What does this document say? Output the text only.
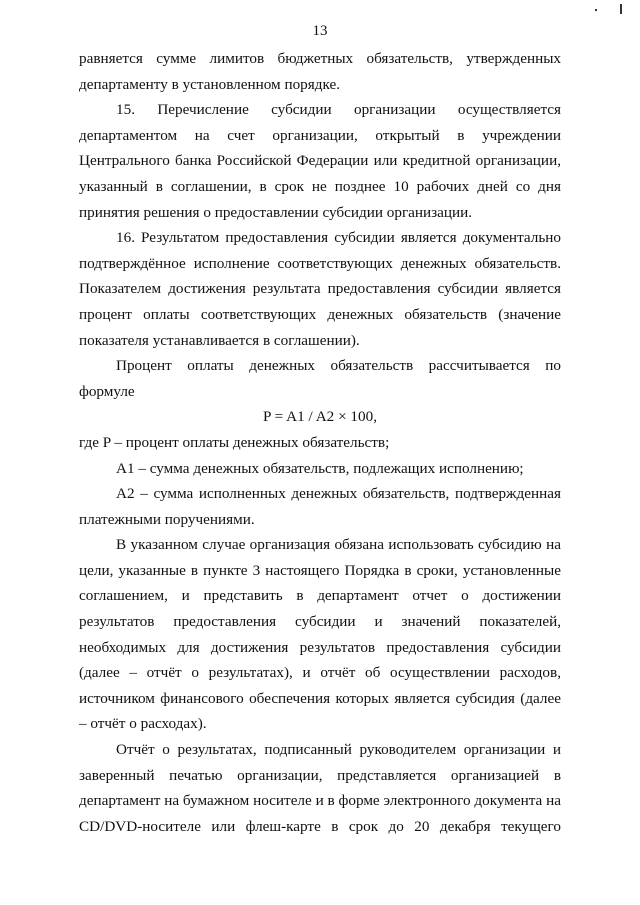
13

равняется сумме лимитов бюджетных обязательств, утвержденных департаменту в установленном порядке.

15. Перечисление субсидии организации осуществляется департаментом на счет организации, открытый в учреждении Центрального банка Российской Федерации или кредитной организации, указанный в соглашении, в срок не позднее 10 рабочих дней со дня принятия решения о предоставлении субсидии организации.

16. Результатом предоставления субсидии является документально подтверждённое исполнение соответствующих денежных обязательств. Показателем достижения результата предоставления субсидии является процент оплаты соответствующих денежных обязательств (значение показателя устанавливается в соглашении).

Процент оплаты денежных обязательств рассчитывается по формуле

P = A1 / A2 × 100,

где P – процент оплаты денежных обязательств;

A1 – сумма денежных обязательств, подлежащих исполнению;

A2 – сумма исполненных денежных обязательств, подтвержденная платежными поручениями.

В указанном случае организация обязана использовать субсидию на цели, указанные в пункте 3 настоящего Порядка в сроки, установленные соглашением, и представить в департамент отчет о достижении результатов предоставления субсидии и значений показателей, необходимых для достижения результатов предоставления субсидии (далее – отчёт о результатах), и отчёт об осуществлении расходов, источником финансового обеспечения которых является субсидия (далее – отчёт о расходах).

Отчёт о результатах, подписанный руководителем организации и заверенный печатью организации, представляется организацией в департамент на бумажном носителе и в форме электронного документа на CD/DVD-носителе или флеш-карте в срок до 20 декабря текущего
